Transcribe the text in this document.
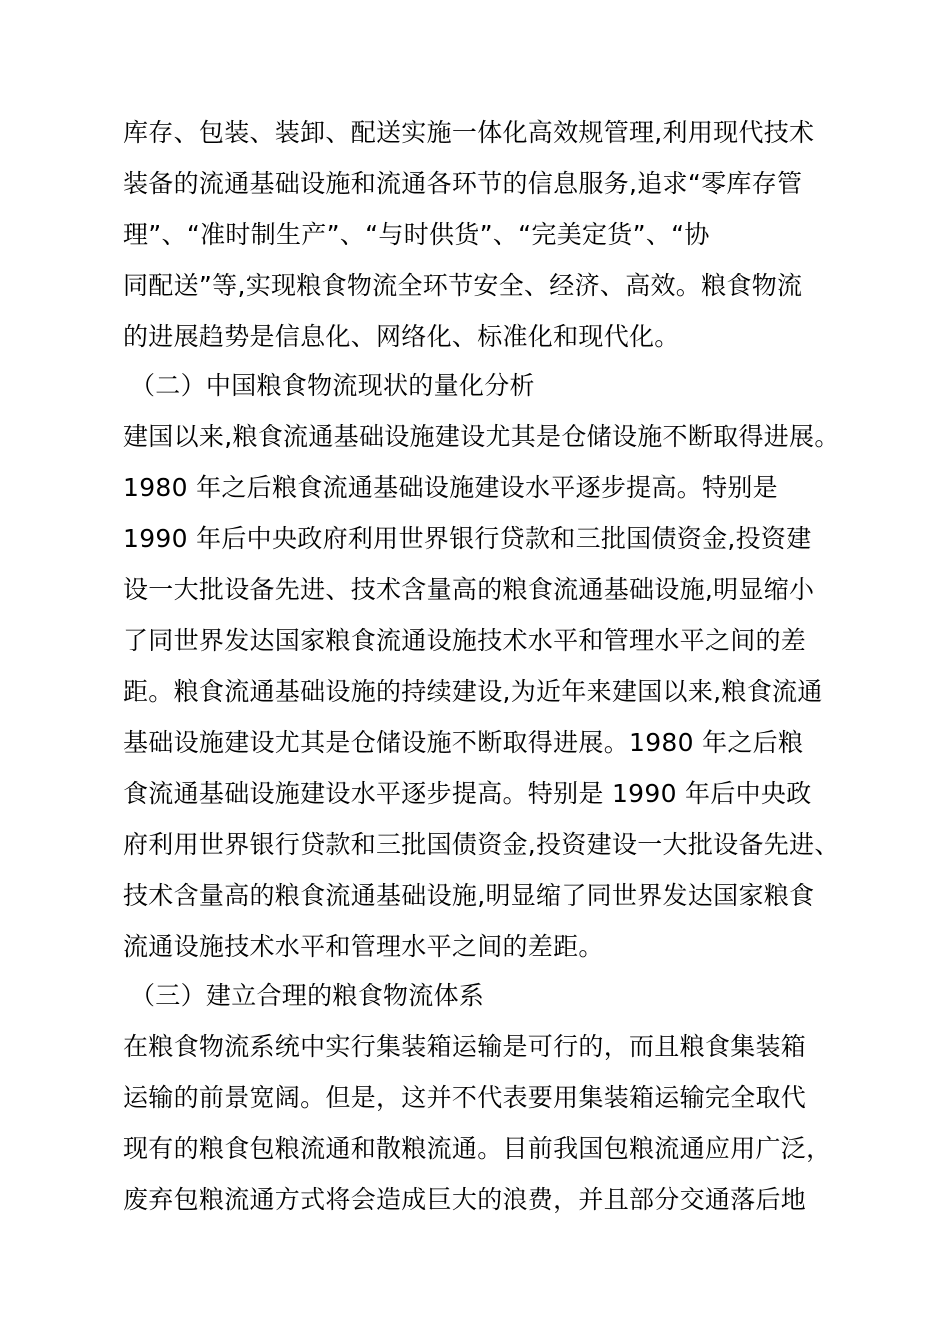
库存、包装、装卸、配送实施一体化高效规管理,利用现代技术
装备的流通基础设施和流通各环节的信息服务,追求“零库存管
理”、“准时制生产”、“与时供货”、“完美定货”、“协
同配送”等,实现粮食物流全环节安全、经济、高效。粮食物流
的进展趋势是信息化、网络化、标准化和现代化。
（二）中国粮食物流现状的量化分析
建国以来,粮食流通基础设施建设尤其是仓储设施不断取得进展。
1980 年之后粮食流通基础设施建设水平逐步提高。特别是
1990 年后中央政府利用世界银行贷款和三批国债资金,投资建
设一大批设备先进、技术含量高的粮食流通基础设施,明显缩小
了同世界发达国家粮食流通设施技术水平和管理水平之间的差
距。粮食流通基础设施的持续建设,为近年来建国以来,粮食流通
基础设施建设尤其是仓储设施不断取得进展。1980 年之后粮
食流通基础设施建设水平逐步提高。特别是 1990 年后中央政
府利用世界银行贷款和三批国债资金,投资建设一大批设备先进、
技术含量高的粮食流通基础设施,明显缩了同世界发达国家粮食
流通设施技术水平和管理水平之间的差距。
（三）建立合理的粮食物流体系
在粮食物流系统中实行集装箱运输是可行的，而且粮食集装箱
运输的前景宽阔。但是，这并不代表要用集装箱运输完全取代
现有的粮食包粮流通和散粮流通。目前我国包粮流通应用广泛，
废弃包粮流通方式将会造成巨大的浪费，并且部分交通落后地
